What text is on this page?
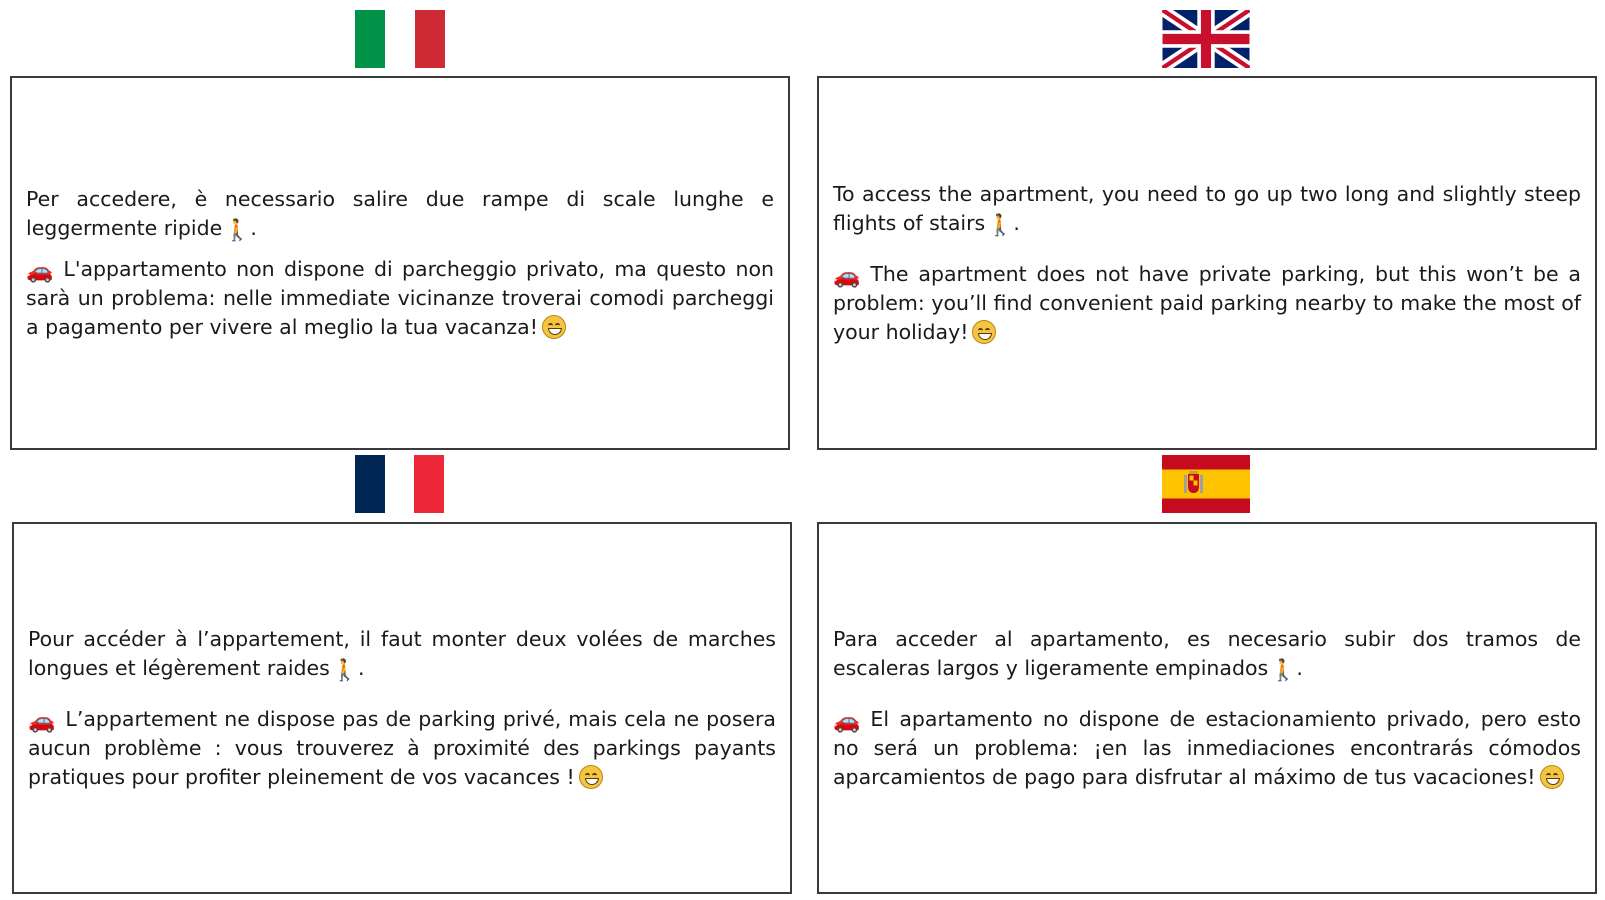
Per accedere, è necessario salire due rampe di scale lunghe e leggermente ripide🚶.

🚗 L'appartamento non dispone di parcheggio privato, ma questo non sarà un problema: nelle immediate vicinanze troverai comodi parcheggi a pagamento per vivere al meglio la tua vacanza!

To access the apartment, you need to go up two long and slightly steep flights of stairs🚶.

🚗 The apartment does not have private parking, but this won’t be a problem: you’ll find convenient paid parking nearby to make the most of your holiday!

Pour accéder à l’appartement, il faut monter deux volées de marches longues et légèrement raides🚶.

🚗 L’appartement ne dispose pas de parking privé, mais cela ne posera aucun problème : vous trouverez à proximité des parkings payants pratiques pour profiter pleinement de vos vacances !

Para acceder al apartamento, es necesario subir dos tramos de escaleras largos y ligeramente empinados🚶.

🚗 El apartamento no dispone de estacionamiento privado, pero esto no será un problema: ¡en las inmediaciones encontrarás cómodos aparcamientos de pago para disfrutar al máximo de tus vacaciones!
